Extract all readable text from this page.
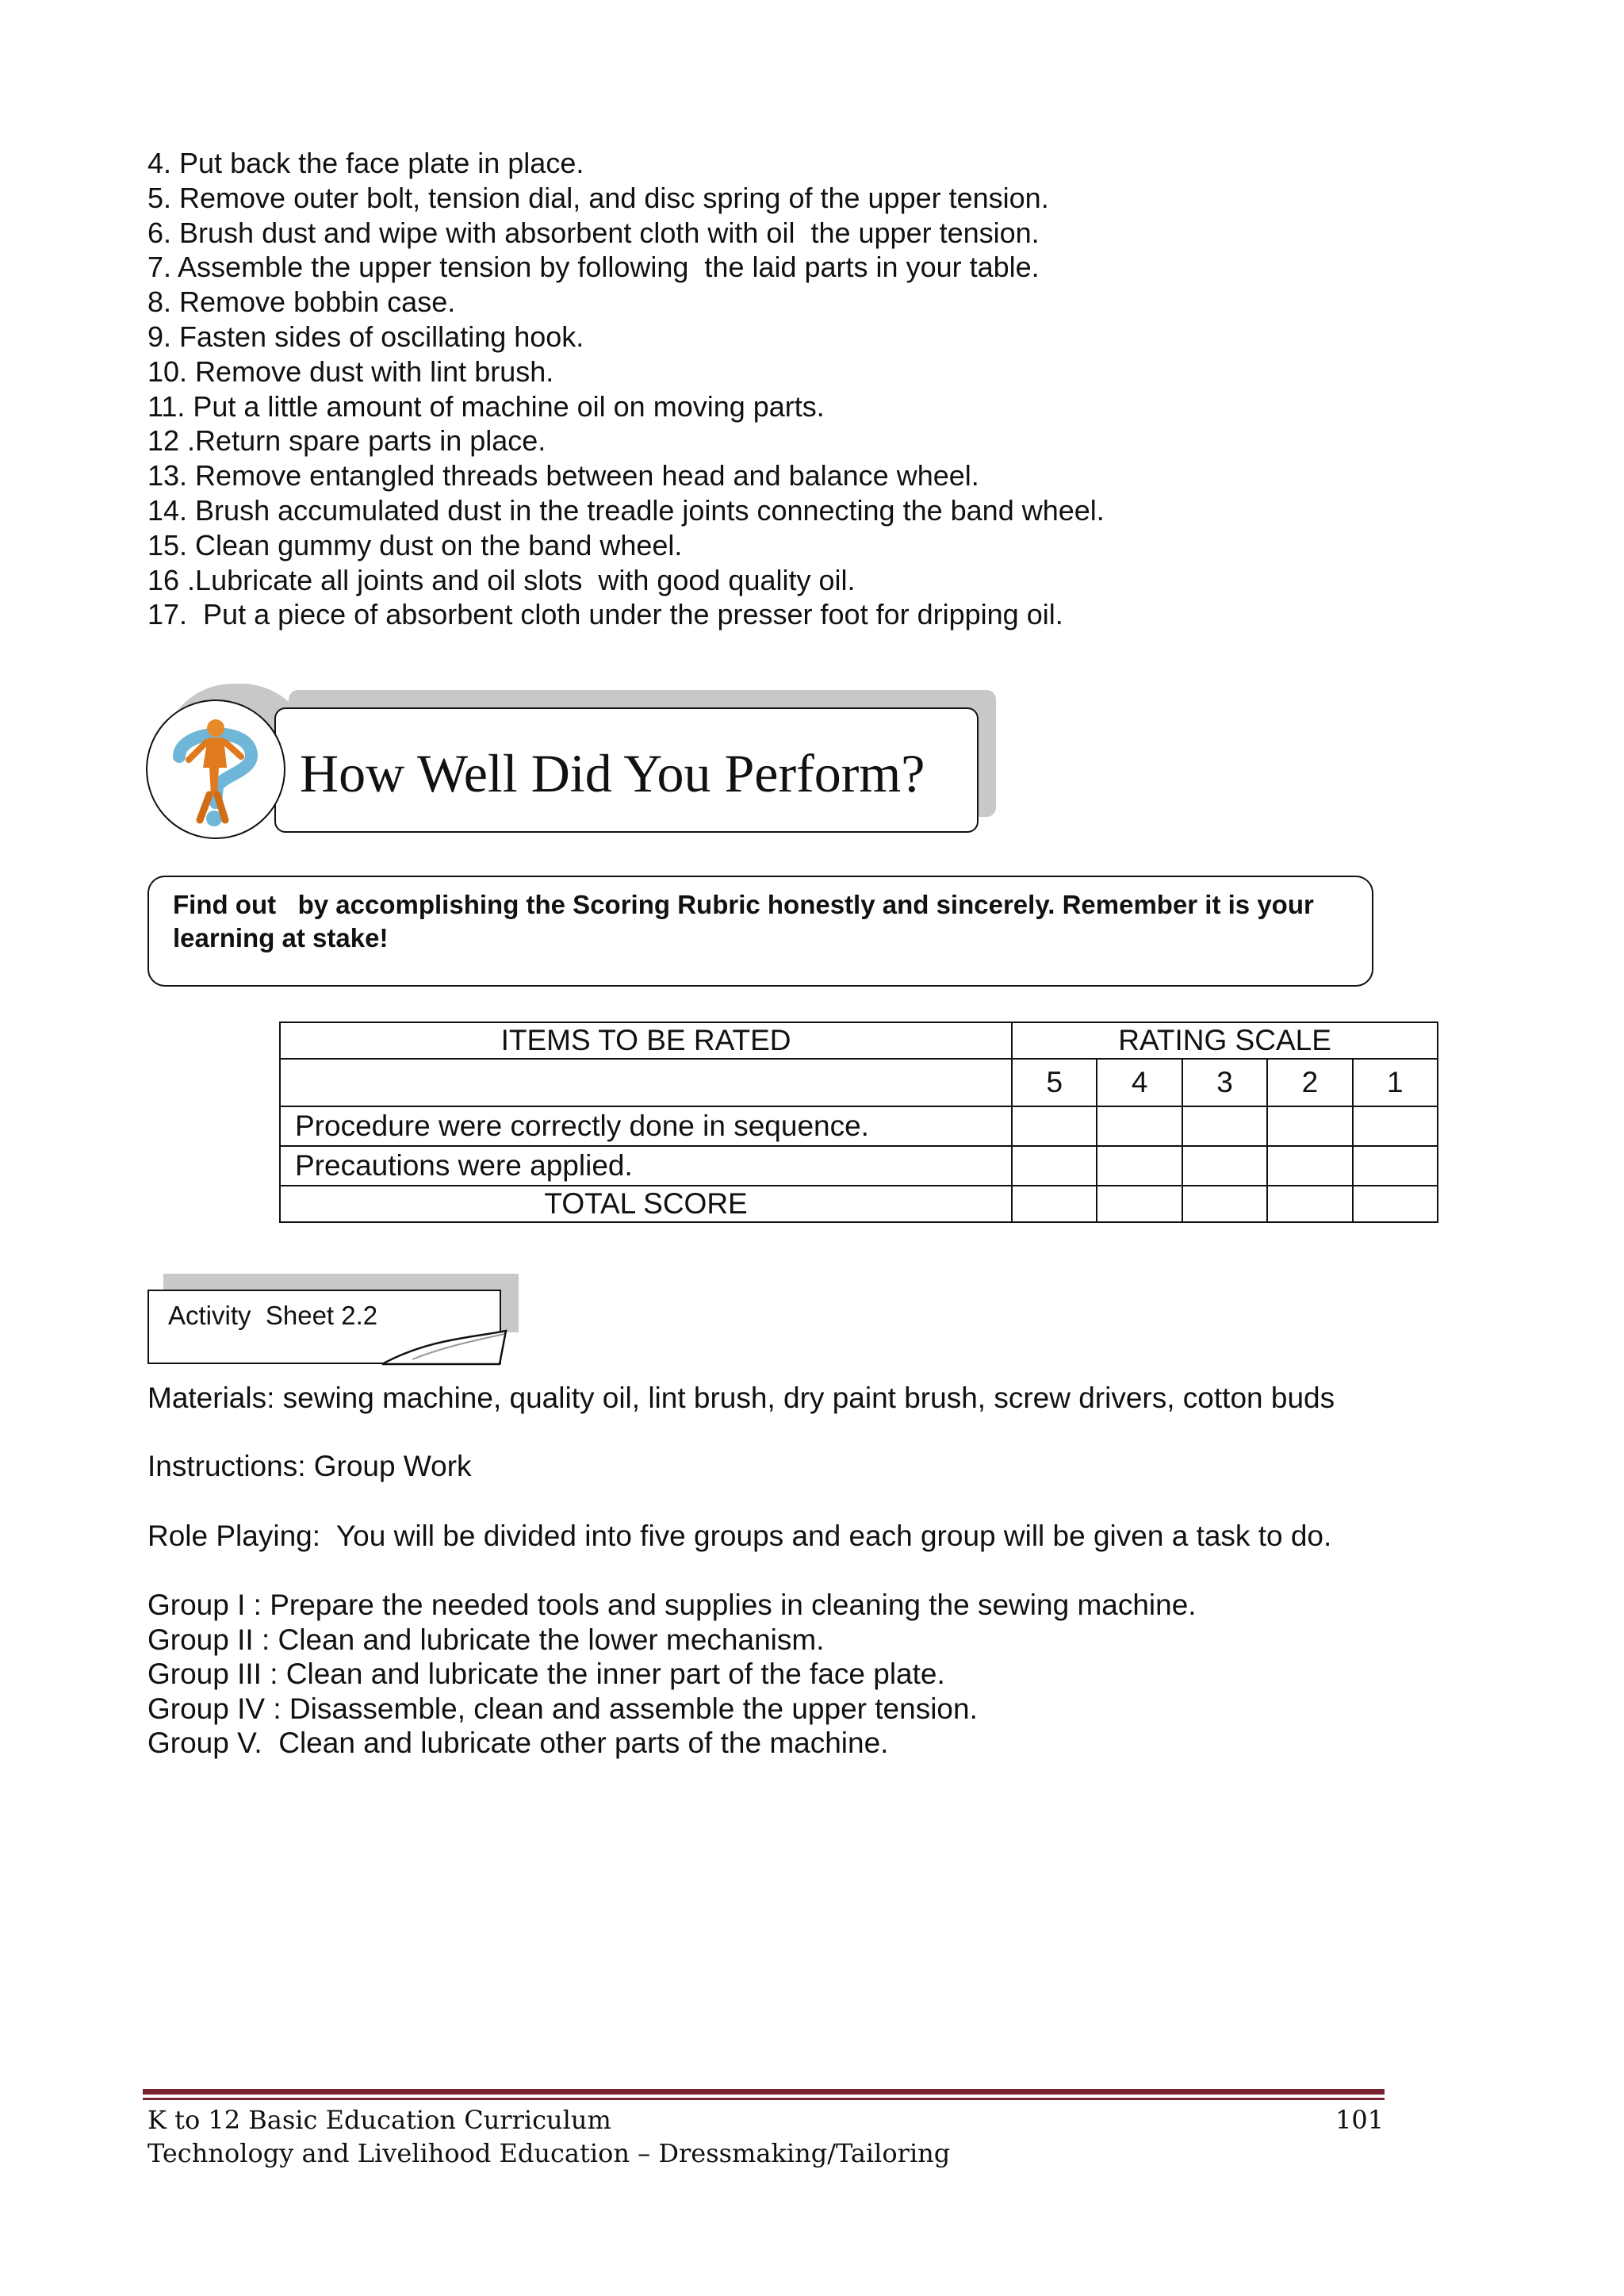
4. Put back the face plate in place.
5. Remove outer bolt, tension dial, and disc spring of the upper tension.
6. Brush dust and wipe with absorbent cloth with oil  the upper tension.
7. Assemble the upper tension by following  the laid parts in your table.
8. Remove bobbin case.
9. Fasten sides of oscillating hook.
10. Remove dust with lint brush.
11. Put a little amount of machine oil on moving parts.
12 .Return spare parts in place.
13. Remove entangled threads between head and balance wheel.
14. Brush accumulated dust in the treadle joints connecting the band wheel.
15. Clean gummy dust on the band wheel.
16 .Lubricate all joints and oil slots  with good quality oil.
17.  Put a piece of absorbent cloth under the presser foot for dripping oil.
How Well Did You Perform?
Find out   by accomplishing the Scoring Rubric honestly and sincerely. Remember it is your learning at stake!
ITEMS TO BE RATED	RATING SCALE				
	5	4	3	2	1
Procedure were correctly done in sequence.					
Precautions were applied.					
TOTAL SCORE					
Activity  Sheet 2.2
Materials: sewing machine, quality oil, lint brush, dry paint brush, screw drivers, cotton buds
Instructions: Group Work
Role Playing:  You will be divided into five groups and each group will be given a task to do.
Group I : Prepare the needed tools and supplies in cleaning the sewing machine.
Group II : Clean and lubricate the lower mechanism.
Group III : Clean and lubricate the inner part of the face plate.
Group IV : Disassemble, clean and assemble the upper tension.
Group V.  Clean and lubricate other parts of the machine.
K to 12 Basic Education Curriculum
Technology and Livelihood Education – Dressmaking/Tailoring
101
